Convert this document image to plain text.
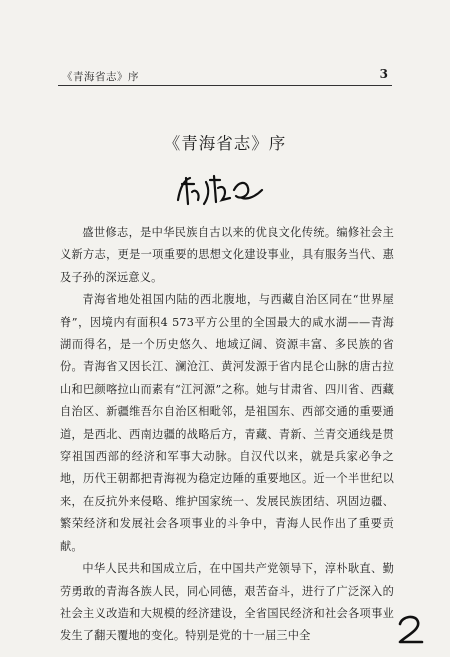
《青海省志》序	3
《青海省志》序

盛世修志，是中华民族自古以来的优良文化传统。编修社会主义新方志，更是一项重要的思想文化建设事业，具有服务当代、惠及子孙的深远意义。

青海省地处祖国内陆的西北腹地，与西藏自治区同在“世界屋脊”，因境内有面积4 573平方公里的全国最大的咸水湖——青海湖而得名，是一个历史悠久、地域辽阔、资源丰富、多民族的省份。青海省又因长江、澜沧江、黄河发源于省内昆仑山脉的唐古拉山和巴颜喀拉山而素有“江河源”之称。她与甘肃省、四川省、西藏自治区、新疆维吾尔自治区相毗邻，是祖国东、西部交通的重要通道，是西北、西南边疆的战略后方，青藏、青新、兰青交通线是贯穿祖国西部的经济和军事大动脉。自汉代以来，就是兵家必争之地，历代王朝都把青海视为稳定边陲的重要地区。近一个半世纪以来，在反抗外来侵略、维护国家统一、发展民族团结、巩固边疆、繁荣经济和发展社会各项事业的斗争中，青海人民作出了重要贡献。

中华人民共和国成立后，在中国共产党领导下，淳朴耿直、勤劳勇敢的青海各族人民，同心同德，艰苦奋斗，进行了广泛深入的社会主义改造和大规模的经济建设，全省国民经济和社会各项事业发生了翻天覆地的变化。特别是党的十一届三中全
